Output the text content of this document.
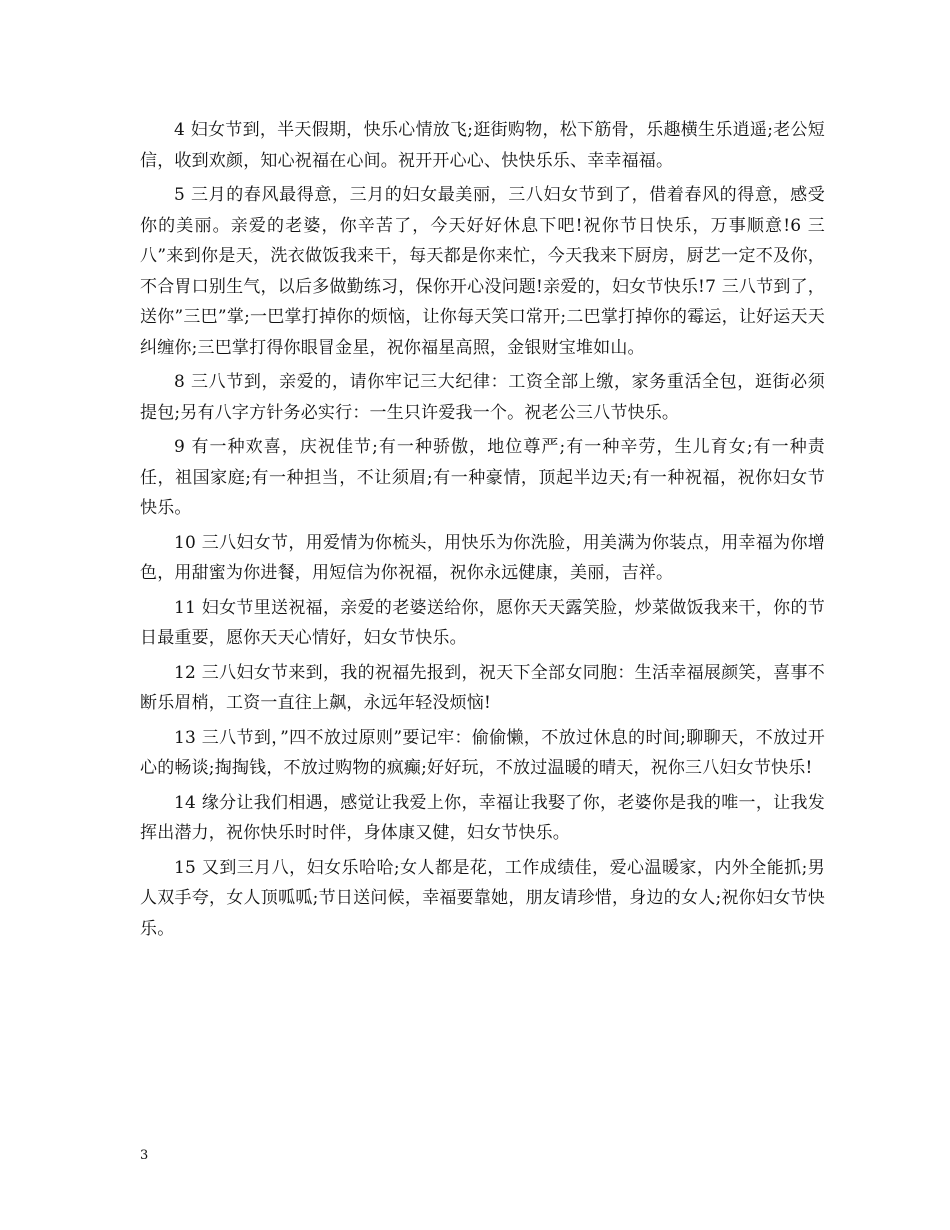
4 妇女节到，半天假期，快乐心情放飞;逛街购物，松下筋骨，乐趣横生乐逍遥;老公短信，收到欢颜，知心祝福在心间。祝开开心心、快快乐乐、幸幸福福。

5 三月的春风最得意，三月的妇女最美丽，三八妇女节到了，借着春风的得意，感受你的美丽。亲爱的老婆，你辛苦了，今天好好休息下吧!祝你节日快乐，万事顺意!6 三八”来到你是天，洗衣做饭我来干，每天都是你来忙，今天我来下厨房，厨艺一定不及你，不合胃口别生气，以后多做勤练习，保你开心没问题!亲爱的，妇女节快乐!7 三八节到了，送你”三巴”掌;一巴掌打掉你的烦恼，让你每天笑口常开;二巴掌打掉你的霉运，让好运天天纠缠你;三巴掌打得你眼冒金星，祝你福星高照，金银财宝堆如山。

8 三八节到，亲爱的，请你牢记三大纪律：工资全部上缴，家务重活全包，逛街必须提包;另有八字方针务必实行：一生只许爱我一个。祝老公三八节快乐。

9 有一种欢喜，庆祝佳节;有一种骄傲，地位尊严;有一种辛劳，生儿育女;有一种责任，祖国家庭;有一种担当，不让须眉;有一种豪情，顶起半边天;有一种祝福，祝你妇女节快乐。

10 三八妇女节，用爱情为你梳头，用快乐为你洗脸，用美满为你装点，用幸福为你增色，用甜蜜为你进餐，用短信为你祝福，祝你永远健康，美丽，吉祥。

11 妇女节里送祝福，亲爱的老婆送给你，愿你天天露笑脸，炒菜做饭我来干，你的节日最重要，愿你天天心情好，妇女节快乐。

12 三八妇女节来到，我的祝福先报到，祝天下全部女同胞：生活幸福展颜笑，喜事不断乐眉梢，工资一直往上飙，永远年轻没烦恼!

13 三八节到，”四不放过原则”要记牢：偷偷懒，不放过休息的时间;聊聊天，不放过开心的畅谈;掏掏钱，不放过购物的疯癫;好好玩，不放过温暖的晴天，祝你三八妇女节快乐!

14 缘分让我们相遇，感觉让我爱上你，幸福让我娶了你，老婆你是我的唯一，让我发挥出潜力，祝你快乐时时伴，身体康又健，妇女节快乐。

15 又到三月八，妇女乐哈哈;女人都是花，工作成绩佳，爱心温暖家，内外全能抓;男人双手夸，女人顶呱呱;节日送问候，幸福要靠她，朋友请珍惜，身边的女人;祝你妇女节快乐。

3
